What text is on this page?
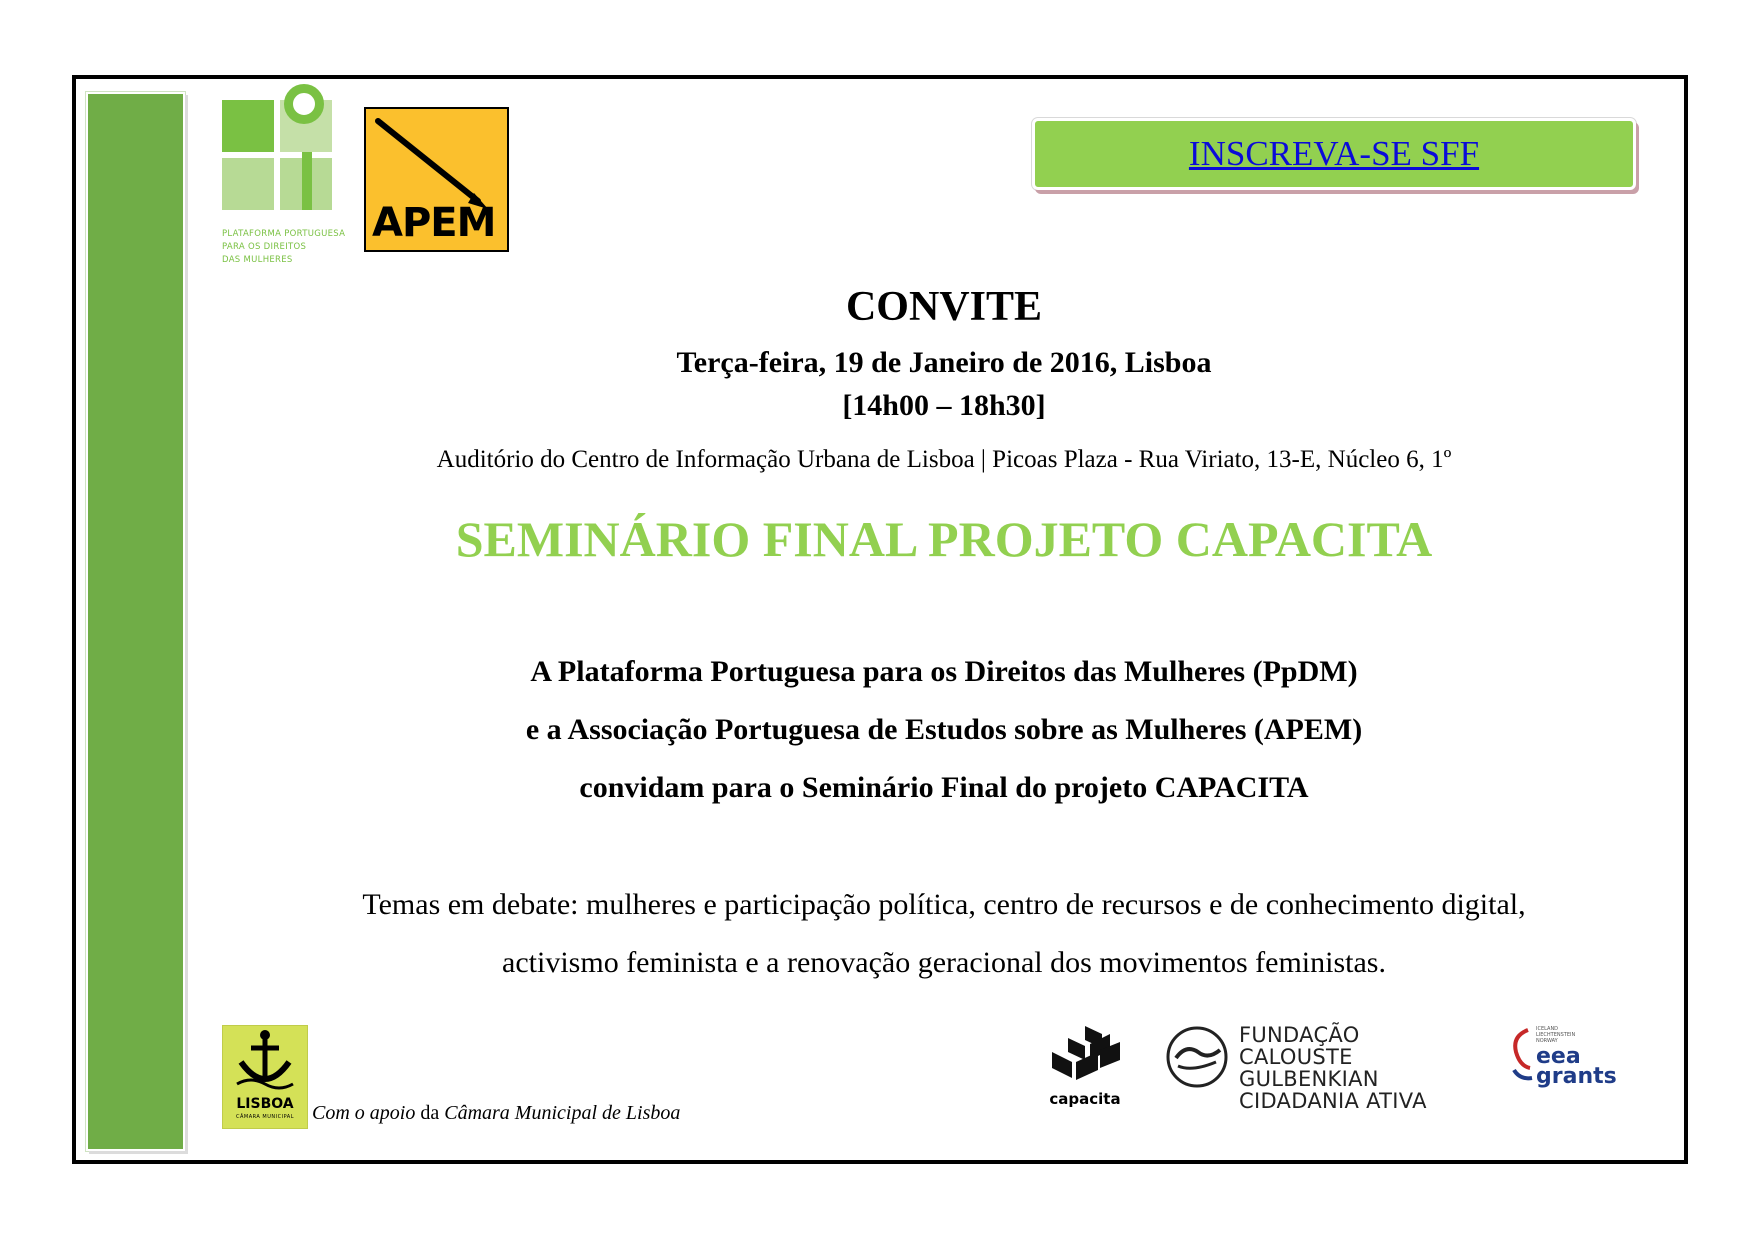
PLATAFORMA PORTUGUESA
PARA OS DIREITOS
DAS MULHERES
APEM
INSCREVA-SE SFF
CONVITE
Terça-feira, 19 de Janeiro de 2016, Lisboa
[14h00 – 18h30]
Auditório do Centro de Informação Urbana de Lisboa | Picoas Plaza - Rua Viriato, 13-E, Núcleo 6, 1º
SEMINÁRIO FINAL PROJETO CAPACITA
A Plataforma Portuguesa para os Direitos das Mulheres (PpDM)
e a Associação Portuguesa de Estudos sobre as Mulheres (APEM)
convidam para o Seminário Final do projeto CAPACITA
Temas em debate: mulheres e participação política, centro de recursos e de conhecimento digital,
activismo feminista e a renovação geracional dos movimentos feministas.
LISBOA
CÂMARA MUNICIPAL Com o apoio da Câmara Municipal de Lisboa
capacita
FUNDAÇÃO
CALOUSTE GULBENKIAN
CIDADANIA ATIVA
ICELAND
LIECHTENSTEIN
NORWAY
eea
grants
